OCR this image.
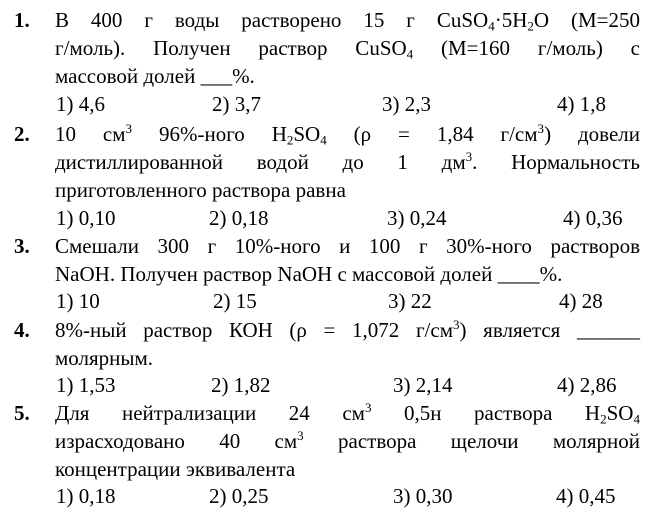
1.	В 400 г воды растворено 15 г $CuSO_4\cdot 5H_2O$ (М=250
г/моль). Получен раствор CuSO$_4$ (М=160 г/моль) с
массовой долей ___%.
1) 4,6	2) 3,7	3) 2,3	4) 1,8
2.	10 $см^3$ 96%-ного $H_2SO_4$ (ρ = 1,84 $г/см^3$) довели
дистиллированной водой до 1 $дм^3$. Нормальность
приготовленного раствора равна
1) 0,10	2) 0,18	3) 0,24	4) 0,36
3.	Смешали 300 г 10%-ного и 100 г 30%-ного растворов
NaOH. Получен раствор NaOH с массовой долей ____%.
1) 10	2) 15	3) 22	4) 28
4.	8%-ный раствор КОН (ρ = 1,072 $г/см^3$) является ______
молярным.
1) 1,53	2) 1,82	3) 2,14	4) 2,86
5.	Для нейтрализации 24 $см^3$ 0,5н раствора $H_2SO_4$
израсходовано 40 $см^3$ раствора щелочи молярной
концентрации эквивалента
1) 0,18	2) 0,25	3) 0,30	4) 0,45
